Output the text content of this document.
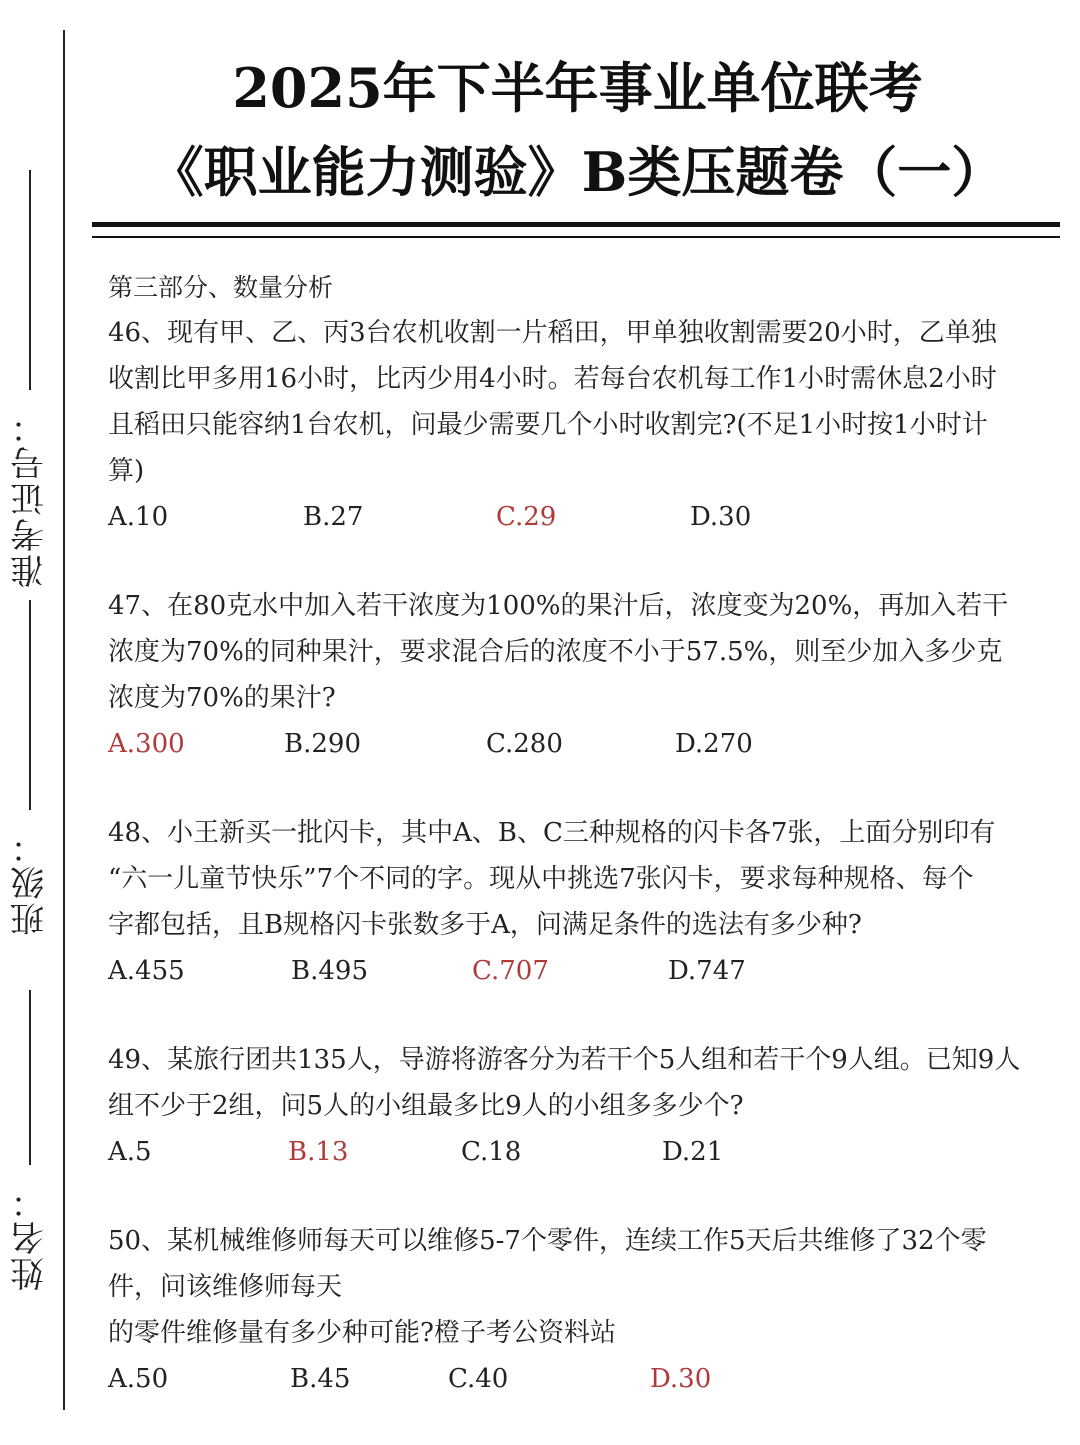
准考证号：
班级：
姓名：
2025年下半年事业单位联考
《职业能力测验》B类压题卷（一）

第三部分、数量分析

46、现有甲、乙、丙3台农机收割一片稻田，甲单独收割需要20小时，乙单独

收割比甲多用16小时，比丙少用4小时。若每台农机每工作1小时需休息2小时

且稻田只能容纳1台农机，问最少需要几个小时收割完?(不足1小时按1小时计

算)

A.10	B.27	C.29	D.30

47、在80克水中加入若干浓度为100%的果汁后，浓度变为20%，再加入若干

浓度为70%的同种果汁，要求混合后的浓度不小于57.5%，则至少加入多少克

浓度为70%的果汁?

A.300	B.290	C.280	D.270

48、小王新买一批闪卡，其中A、B、C三种规格的闪卡各7张，上面分别印有

“六一儿童节快乐”7个不同的字。现从中挑选7张闪卡，要求每种规格、每个

字都包括，且B规格闪卡张数多于A，问满足条件的选法有多少种?

A.455	B.495	C.707	D.747

49、某旅行团共135人，导游将游客分为若干个5人组和若干个9人组。已知9人

组不少于2组，问5人的小组最多比9人的小组多多少个?

A.5	B.13	C.18	D.21

50、某机械维修师每天可以维修5-7个零件，连续工作5天后共维修了32个零

件，问该维修师每天

的零件维修量有多少种可能?橙子考公资料站

A.50	B.45	C.40	D.30
